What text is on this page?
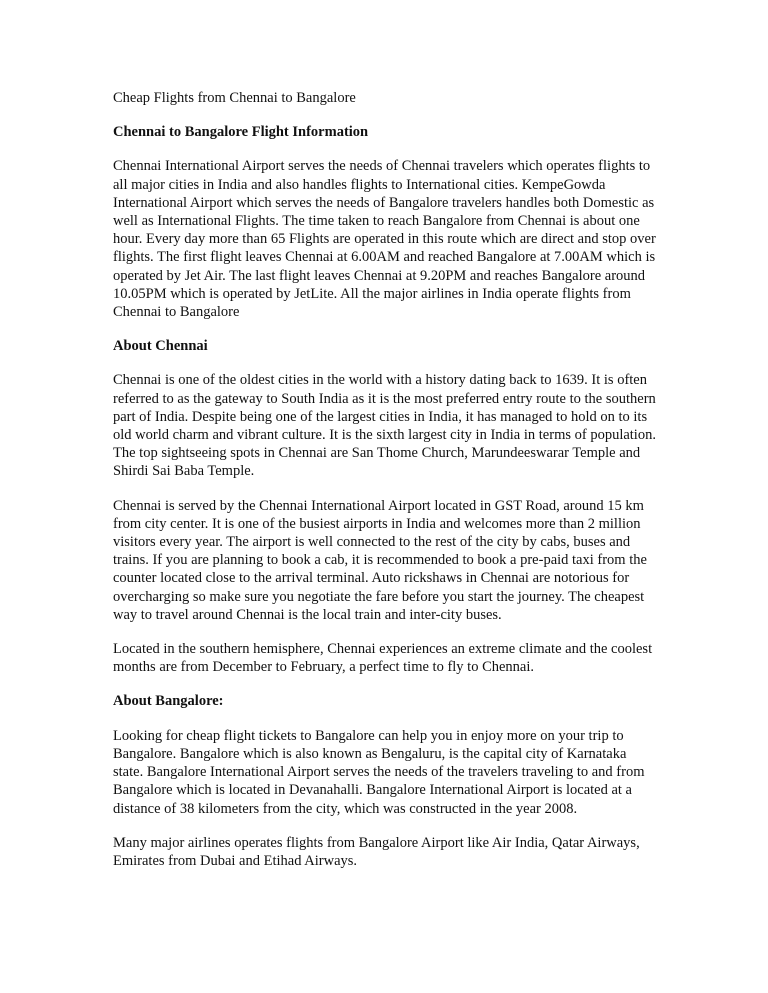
Cheap Flights from Chennai to Bangalore

Chennai to Bangalore Flight Information

Chennai International Airport serves the needs of Chennai travelers which operates flights to all major cities in India and also handles flights to International cities. KempeGowda International Airport which serves the needs of Bangalore travelers handles both Domestic as well as International Flights. The time taken to reach Bangalore from Chennai is about one hour. Every day more than 65 Flights are operated in this route which are direct and stop over flights. The first flight leaves Chennai at 6.00AM and reached Bangalore at 7.00AM which is operated by Jet Air. The last flight leaves Chennai at 9.20PM and reaches Bangalore around 10.05PM which is operated by JetLite. All the major airlines in India operate flights from Chennai to Bangalore

About Chennai

Chennai is one of the oldest cities in the world with a history dating back to 1639. It is often referred to as the gateway to South India as it is the most preferred entry route to the southern part of India. Despite being one of the largest cities in India, it has managed to hold on to its old world charm and vibrant culture. It is the sixth largest city in India in terms of population. The top sightseeing spots in Chennai are San Thome Church, Marundeeswarar Temple and Shirdi Sai Baba Temple.

Chennai is served by the Chennai International Airport located in GST Road, around 15 km from city center. It is one of the busiest airports in India and welcomes more than 2 million visitors every year. The airport is well connected to the rest of the city by cabs, buses and trains. If you are planning to book a cab, it is recommended to book a pre-paid taxi from the counter located close to the arrival terminal. Auto rickshaws in Chennai are notorious for overcharging so make sure you negotiate the fare before you start the journey. The cheapest way to travel around Chennai is the local train and inter-city buses.

Located in the southern hemisphere, Chennai experiences an extreme climate and the coolest months are from December to February, a perfect time to fly to Chennai.

About Bangalore:

Looking for cheap flight tickets to Bangalore can help you in enjoy more on your trip to Bangalore. Bangalore which is also known as Bengaluru, is the capital city of Karnataka state. Bangalore International Airport serves the needs of the travelers traveling to and from Bangalore which is located in Devanahalli. Bangalore International Airport is located at a distance of 38 kilometers from the city, which was constructed in the year 2008.

Many major airlines operates flights from Bangalore Airport like Air India, Qatar Airways, Emirates from Dubai and Etihad Airways.
